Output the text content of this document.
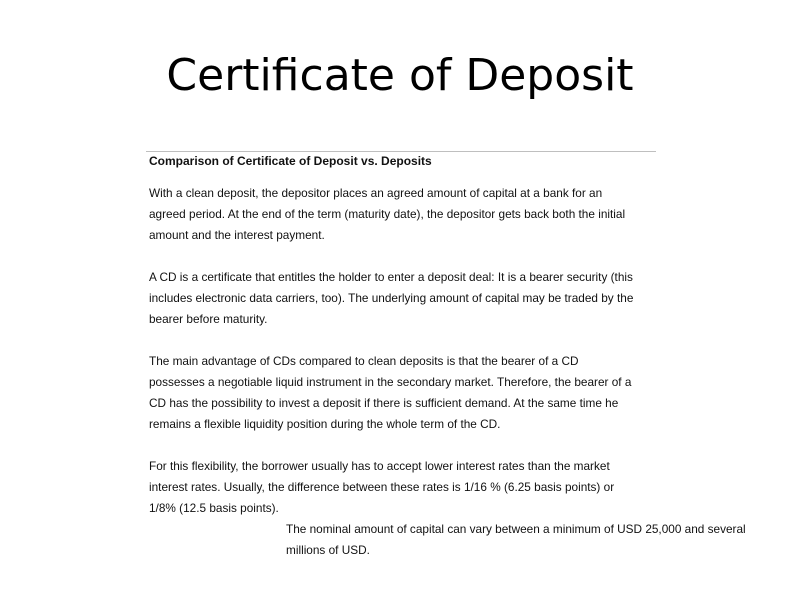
Certificate of Deposit
Comparison of Certificate of Deposit vs. Deposits
With a clean deposit, the depositor places an agreed amount of capital at a bank for an
agreed period. At the end of the term (maturity date), the depositor gets back both the initial
amount and the interest payment.
A CD is a certificate that entitles the holder to enter a deposit deal: It is a bearer security (this
includes electronic data carriers, too). The underlying amount of capital may be traded by the
bearer before maturity.
The main advantage of CDs compared to clean deposits is that the bearer of a CD
possesses a negotiable liquid instrument in the secondary market. Therefore, the bearer of a
CD has the possibility to invest a deposit if there is sufficient demand. At the same time he
remains a flexible liquidity position during the whole term of the CD.
For this flexibility, the borrower usually has to accept lower interest rates than the market
interest rates. Usually, the difference between these rates is 1/16 % (6.25 basis points) or
1/8% (12.5 basis points).
The nominal amount of capital can vary between a minimum of USD 25,000 and several
millions of USD.
